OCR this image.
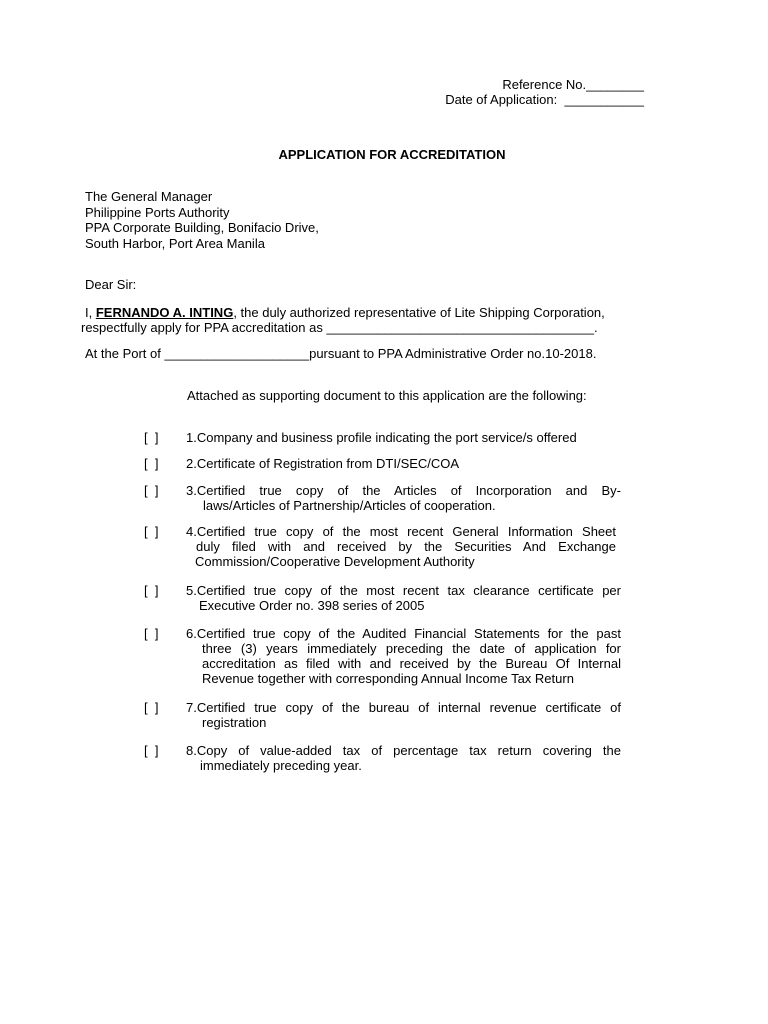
Reference No.________
Date of Application:  ___________
APPLICATION FOR ACCREDITATION
The General Manager
Philippine Ports Authority
PPA Corporate Building, Bonifacio Drive,
South Harbor, Port Area Manila
Dear Sir:
I, FERNANDO A. INTING, the duly authorized representative of Lite Shipping Corporation,
respectfully apply for PPA accreditation as _____________________________________.
At the Port of ____________________pursuant to PPA Administrative Order no.10-2018.
Attached as supporting document to this application are the following:
[  ] 1.Company and business profile indicating the port service/s offered
[  ] 2.Certificate of Registration from DTI/SEC/COA
[  ] 3.Certified true copy of the Articles of Incorporation and By-
laws/Articles of Partnership/Articles of cooperation.
[  ] 4.Certified true copy of the most recent General Information Sheet
duly filed with and received by the Securities And Exchange
Commission/Cooperative Development Authority
[  ] 5.Certified true copy of the most recent tax clearance certificate per
Executive Order no. 398 series of 2005
[  ] 6.Certified true copy of the Audited Financial Statements for the past
three (3) years immediately preceding the date of application for
accreditation as filed with and received by the Bureau Of Internal
Revenue together with corresponding Annual Income Tax Return
[  ] 7.Certified true copy of the bureau of internal revenue certificate of
registration
[  ] 8.Copy of value-added tax of percentage tax return covering the
immediately preceding year.
